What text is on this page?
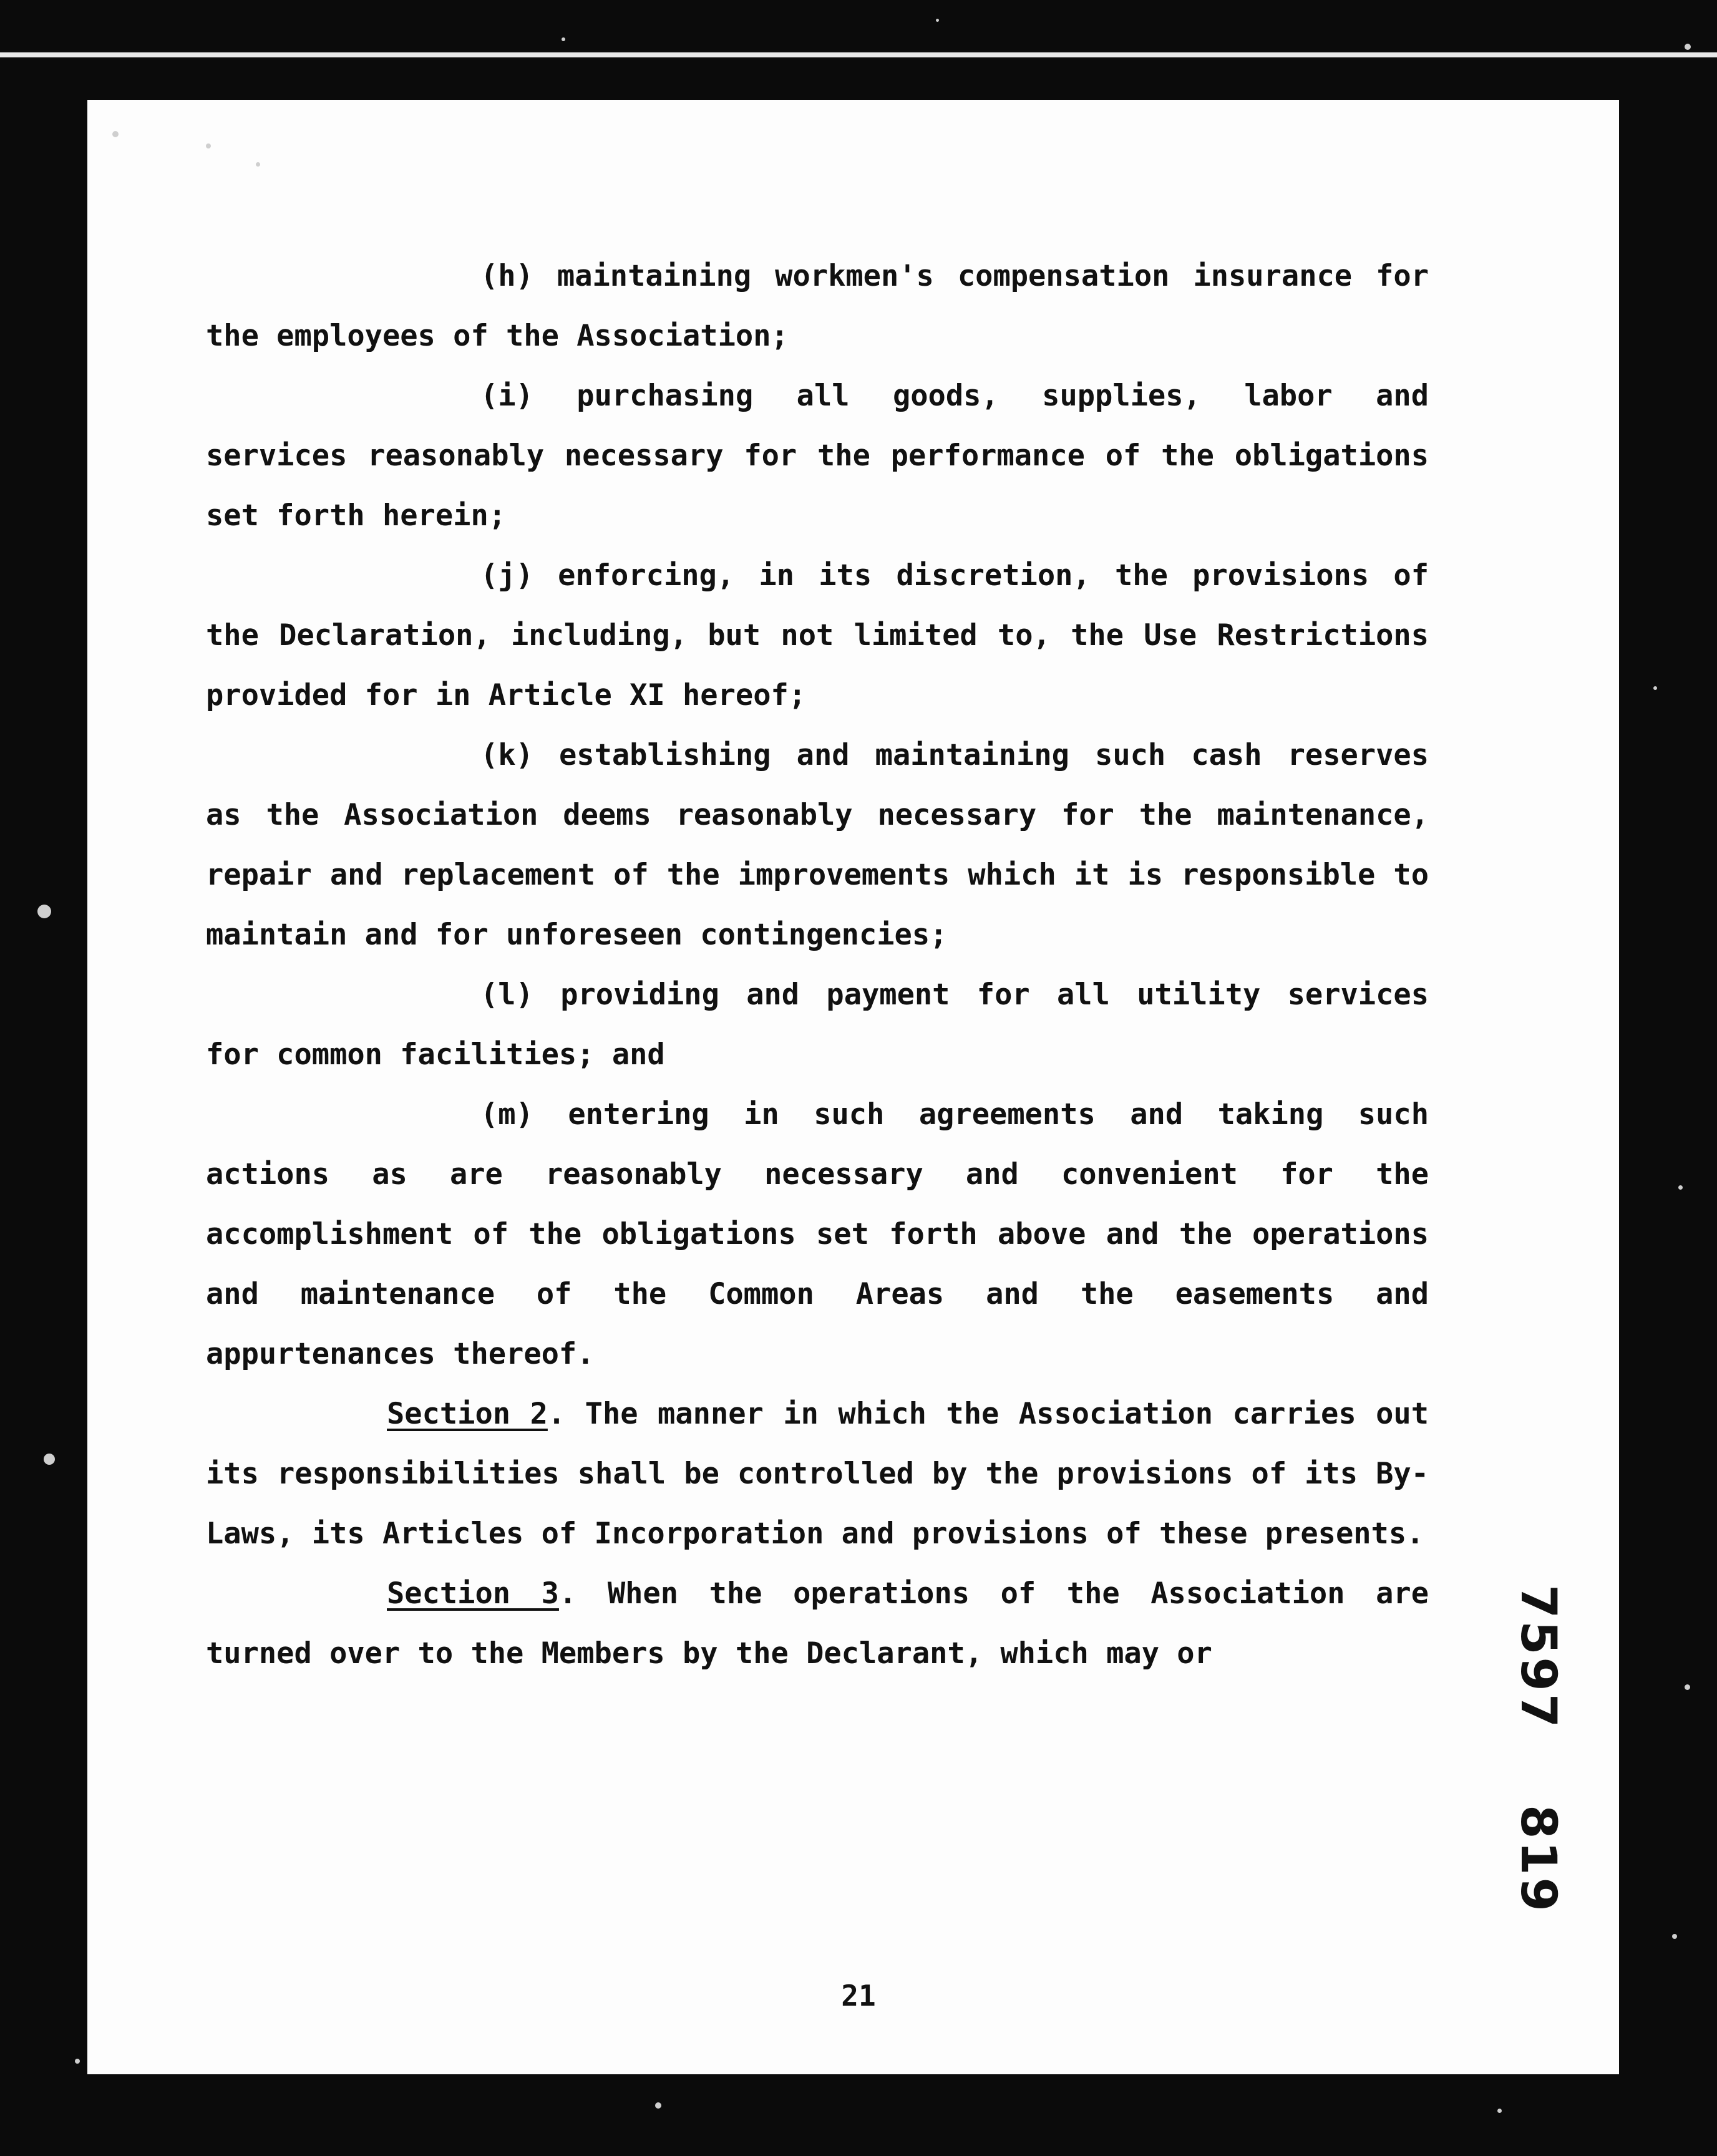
(h) maintaining workmen's compensation insurance for the employees of the Association;

(i) purchasing all goods, supplies, labor and services reasonably necessary for the performance of the obligations set forth herein;

(j) enforcing, in its discretion, the provisions of the Declaration, including, but not limited to, the Use Restrictions provided for in Article XI hereof;

(k) establishing and maintaining such cash reserves as the Association deems reasonably necessary for the maintenance, repair and replacement of the improvements which it is responsible to maintain and for unforeseen contingencies;

(l) providing and payment for all utility services for common facilities; and

(m) entering in such agreements and taking such actions as are reasonably necessary and convenient for the accomplishment of the obligations set forth above and the operations and maintenance of the Common Areas and the easements and appurtenances thereof.

Section 2. The manner in which the Association carries out its responsibilities shall be controlled by the provisions of its By-Laws, its Articles of Incorporation and provisions of these presents.

Section 3. When the operations of the Association are turned over to the Members by the Declarant, which may or

21
7597819
